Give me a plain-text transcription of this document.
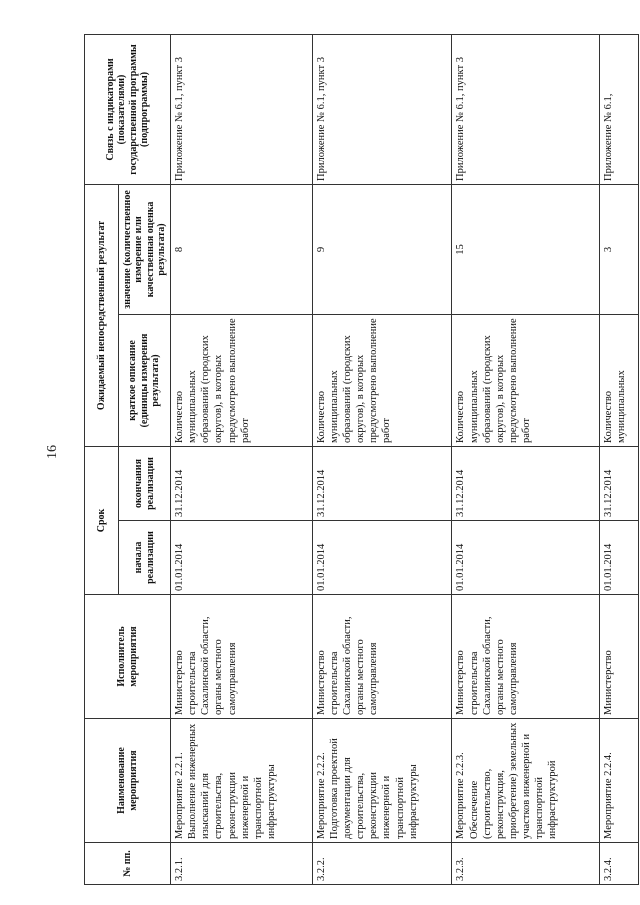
16
№ пп.	Наименование мероприятия	Исполнитель мероприятия	Срок		Ожидаемый непосредственный результат		Связь с индикаторами (показателями) государственной программы (подпрограммы)
			начала реализации	окончания реализации	краткое описание (единицы измерения результата)	значение (количественное измерение или качественная оценка результата)	
3.2.1.	Мероприятие 2.2.1. Выполнение инженерных изысканий для строительства, реконструкции инженерной и транспортной инфраструктуры	Министерство строительства Сахалинской области, органы местного самоуправления	01.01.2014	31.12.2014	Количество муниципальных образований (городских округов), в которых предусмотрено выполнение работ	8	Приложение № 6.1, пункт 3
3.2.2.	Мероприятие 2.2.2. Подготовка проектной документации для строительства, реконструкции инженерной и транспортной инфраструктуры	Министерство строительства Сахалинской области, органы местного самоуправления	01.01.2014	31.12.2014	Количество муниципальных образований (городских округов), в которых предусмотрено выполнение работ	9	Приложение № 6.1, пункт 3
3.2.3.	Мероприятие 2.2.3. Обеспечение (строительство, реконструкция, приобретение) земельных участков инженерной и транспортной инфраструктурой	Министерство строительства Сахалинской области, органы местного самоуправления	01.01.2014	31.12.2014	Количество муниципальных образований (городских округов), в которых предусмотрено выполнение работ	15	Приложение № 6.1, пункт 3
3.2.4.	Мероприятие 2.2.4.	Министерство	01.01.2014	31.12.2014	Количество муниципальных	3	Приложение № 6.1,
